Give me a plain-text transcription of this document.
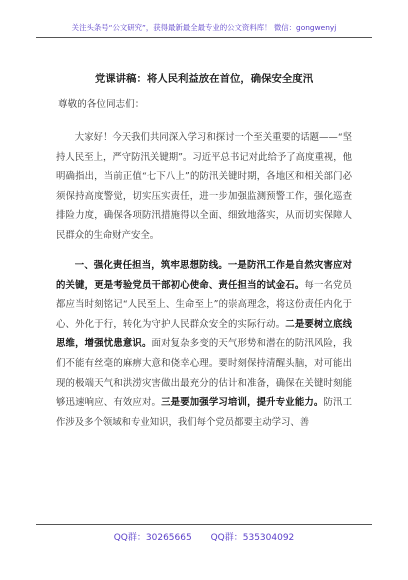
关注头条号“公文研究”，获得最新最全最专业的公文资料库！ 微信：gongwenyj
党课讲稿：将人民利益放在首位，确保安全度汛
尊敬的各位同志们：

大家好！今天我们共同深入学习和探讨一个至关重要的话题——“坚持人民至上，严守防汛关键期”。习近平总书记对此给予了高度重视，他明确指出，当前正值“七下八上”的防汛关键时期，各地区和相关部门必须保持高度警觉，切实压实责任，进一步加强监测预警工作，强化巡查排险力度，确保各项防汛措施得以全面、细致地落实，从而切实保障人民群众的生命财产安全。

一、强化责任担当，筑牢思想防线。一是防汛工作是自然灾害应对的关键，更是考验党员干部初心使命、责任担当的试金石。每一名党员都应当时刻铭记“人民至上、生命至上”的崇高理念，将这份责任内化于心、外化于行，转化为守护人民群众安全的实际行动。二是要树立底线思维，增强忧患意识。面对复杂多变的天气形势和潜在的防汛风险，我们不能有丝毫的麻痹大意和侥幸心理。要时刻保持清醒头脑，对可能出现的极端天气和洪涝灾害做出最充分的估计和准备，确保在关键时刻能够迅速响应、有效应对。三是要加强学习培训，提升专业能力。防汛工作涉及多个领域和专业知识，我们每个党员都要主动学习、善

QQ群：30265665 QQ群：535304092
